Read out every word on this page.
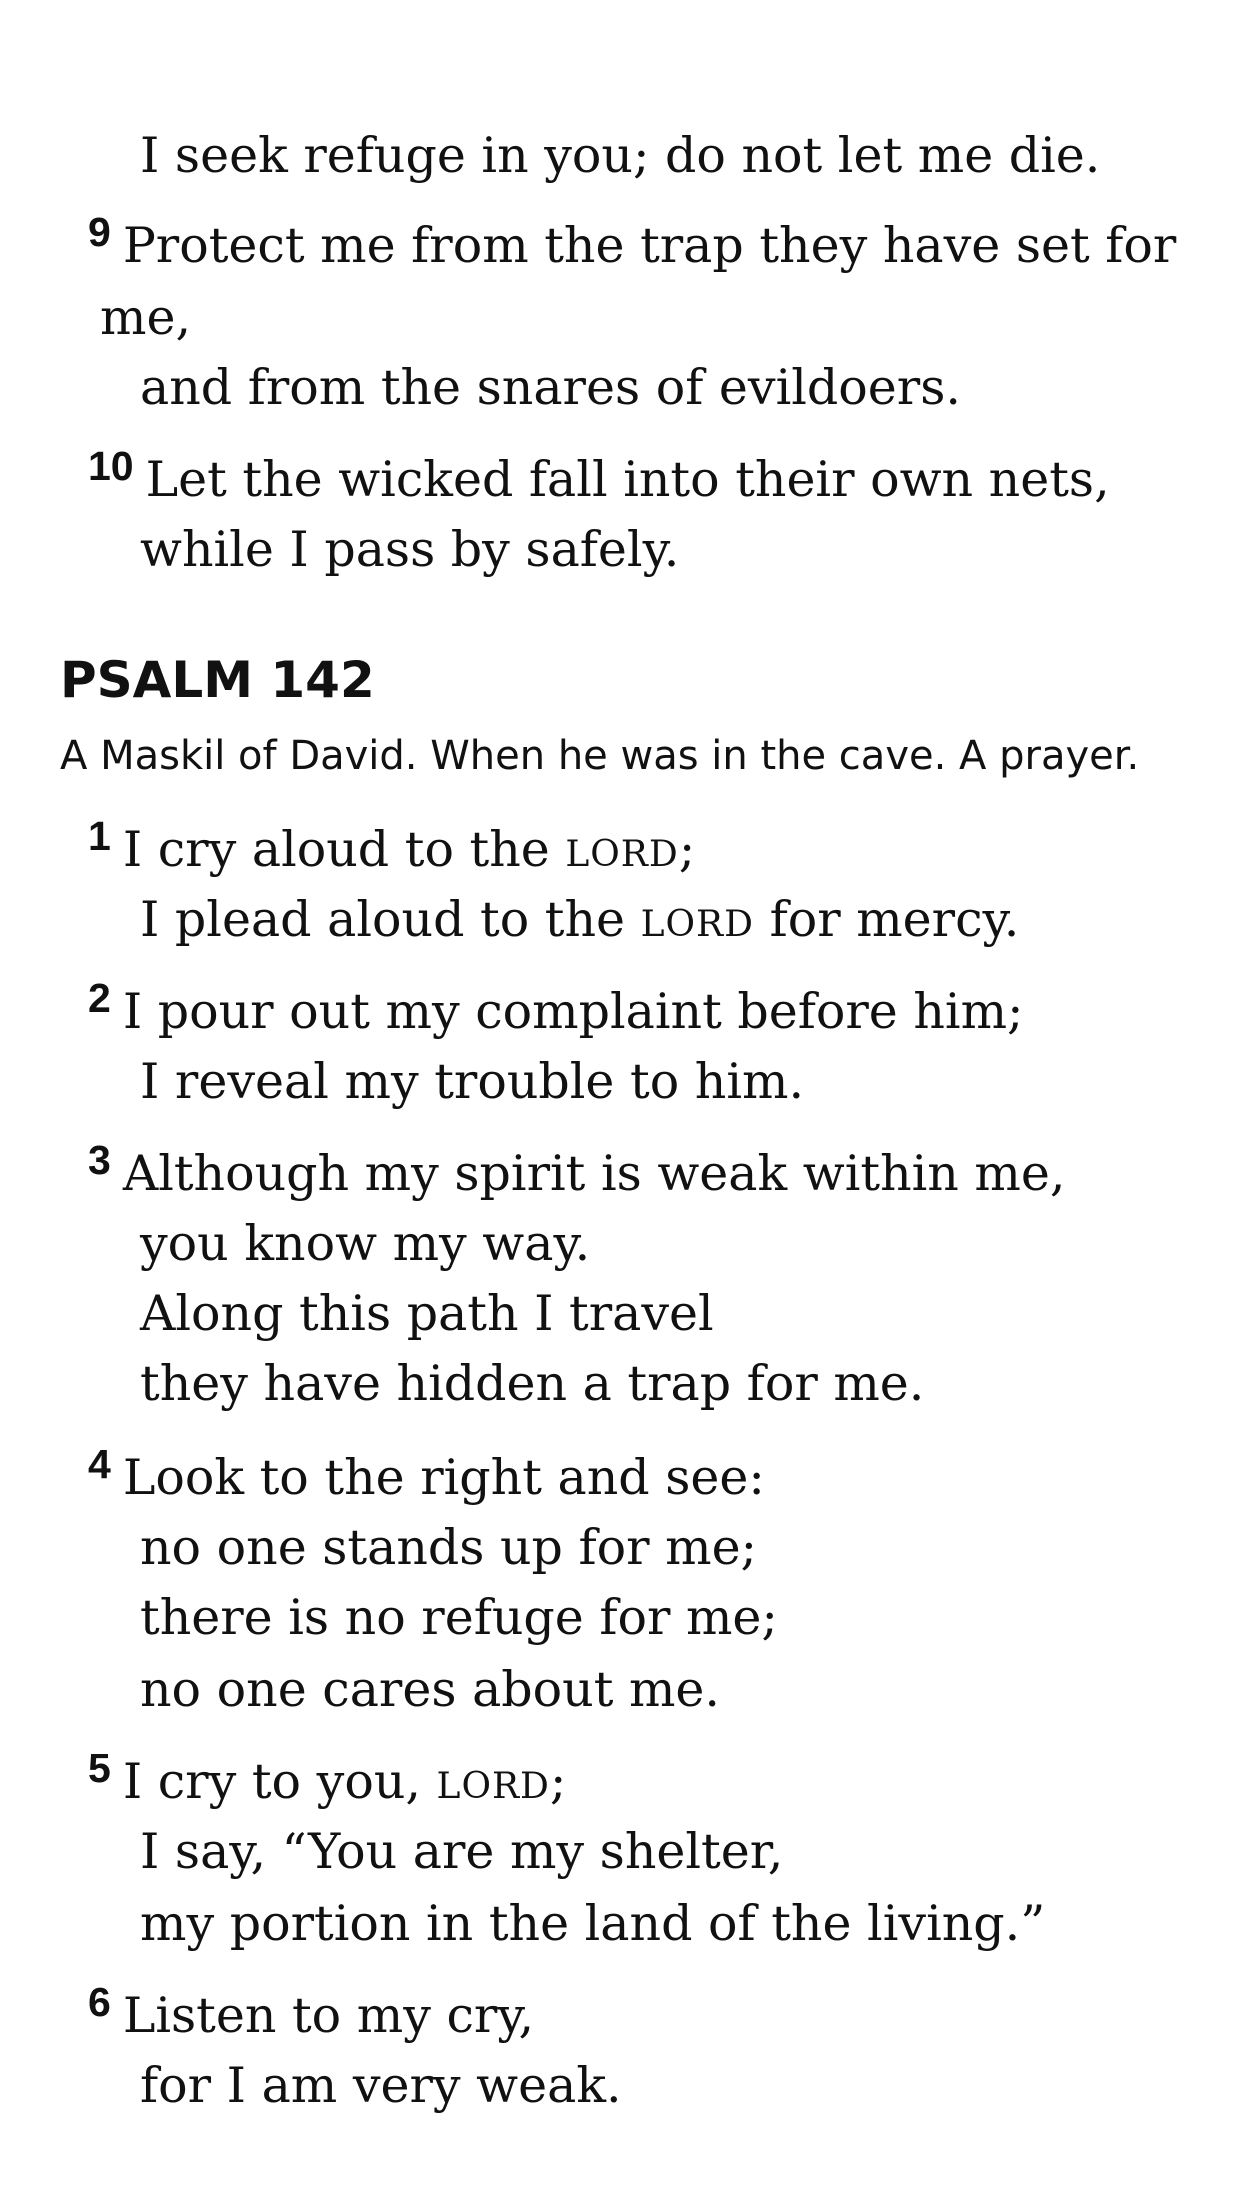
I seek refuge in you; do not let me die.
$^9$ Protect me from the trap they have set for
me,
and from the snares of evildoers.
$^{10}$ Let the wicked fall into their own nets,
while I pass by safely.
PSALM 142
A Maskil of David. When he was in the cave. A prayer.
$^1$ I cry aloud to the LORD;
I plead aloud to the LORD for mercy.
$^2$ I pour out my complaint before him;
I reveal my trouble to him.
$^3$ Although my spirit is weak within me,
you know my way.
Along this path I travel
they have hidden a trap for me.
$^4$ Look to the right and see:
no one stands up for me;
there is no refuge for me;
no one cares about me.
$^5$ I cry to you, LORD;
I say, “You are my shelter,
my portion in the land of the living.”
$^6$ Listen to my cry,
for I am very weak.
